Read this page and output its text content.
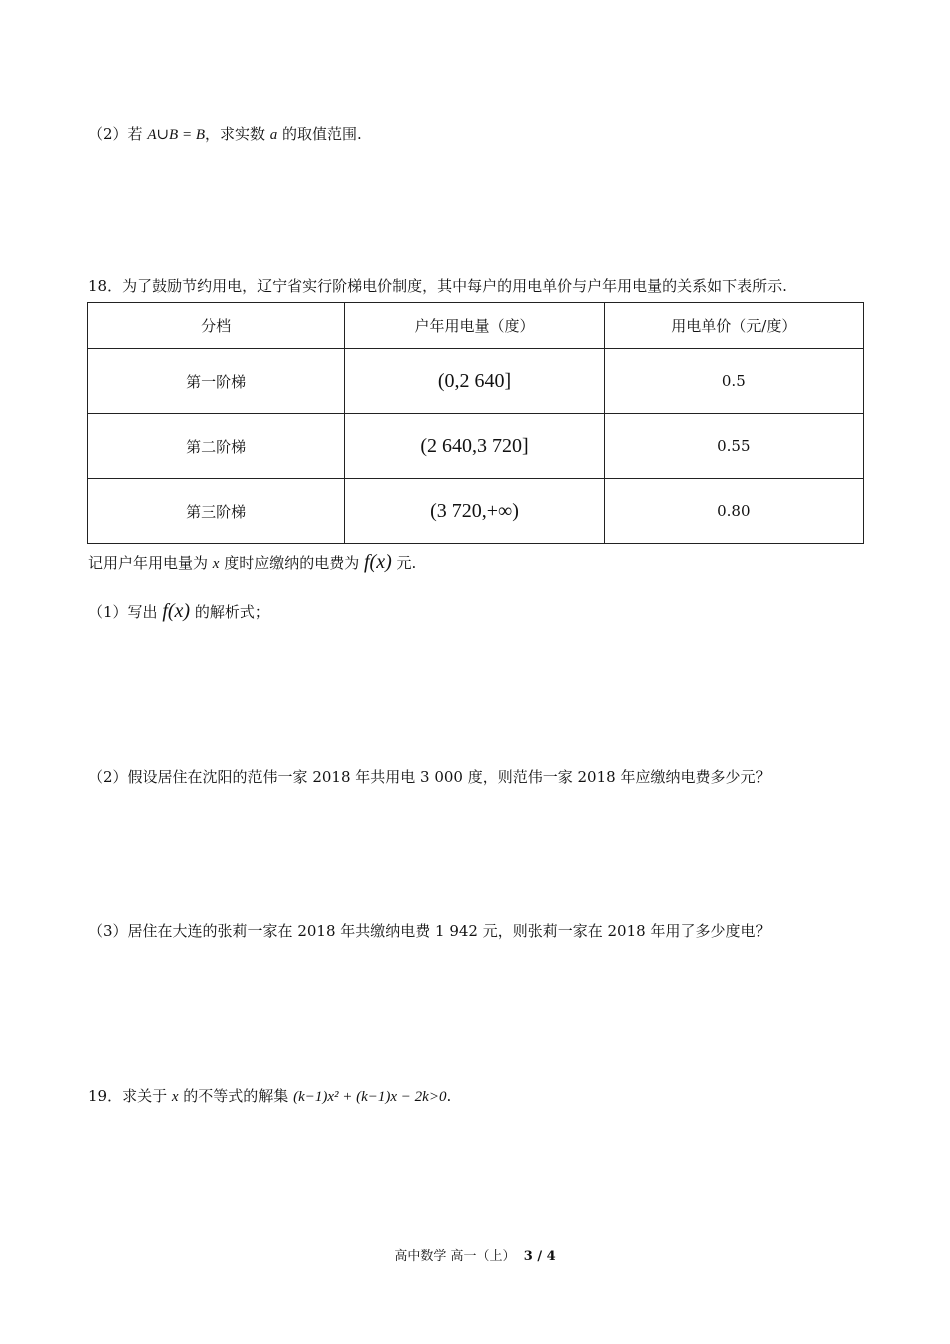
（2）若 A∪B = B，求实数 a 的取值范围.
18．为了鼓励节约用电，辽宁省实行阶梯电价制度，其中每户的用电单价与户年用电量的关系如下表所示.
分档	户年用电量（度）	用电单价（元/度）
第一阶梯	(0,2 640]	0.5
第二阶梯	(2 640,3 720]	0.55
第三阶梯	(3 720,+∞)	0.80
记用户年用电量为 x 度时应缴纳的电费为 f(x) 元.
（1）写出 f(x) 的解析式；
（2）假设居住在沈阳的范伟一家 2018 年共用电 3 000 度，则范伟一家 2018 年应缴纳电费多少元？
（3）居住在大连的张莉一家在 2018 年共缴纳电费 1 942 元，则张莉一家在 2018 年用了多少度电？
19．求关于 x 的不等式的解集 (k−1)x² + (k−1)x − 2k>0.
高中数学 高一（上） 3 / 4
